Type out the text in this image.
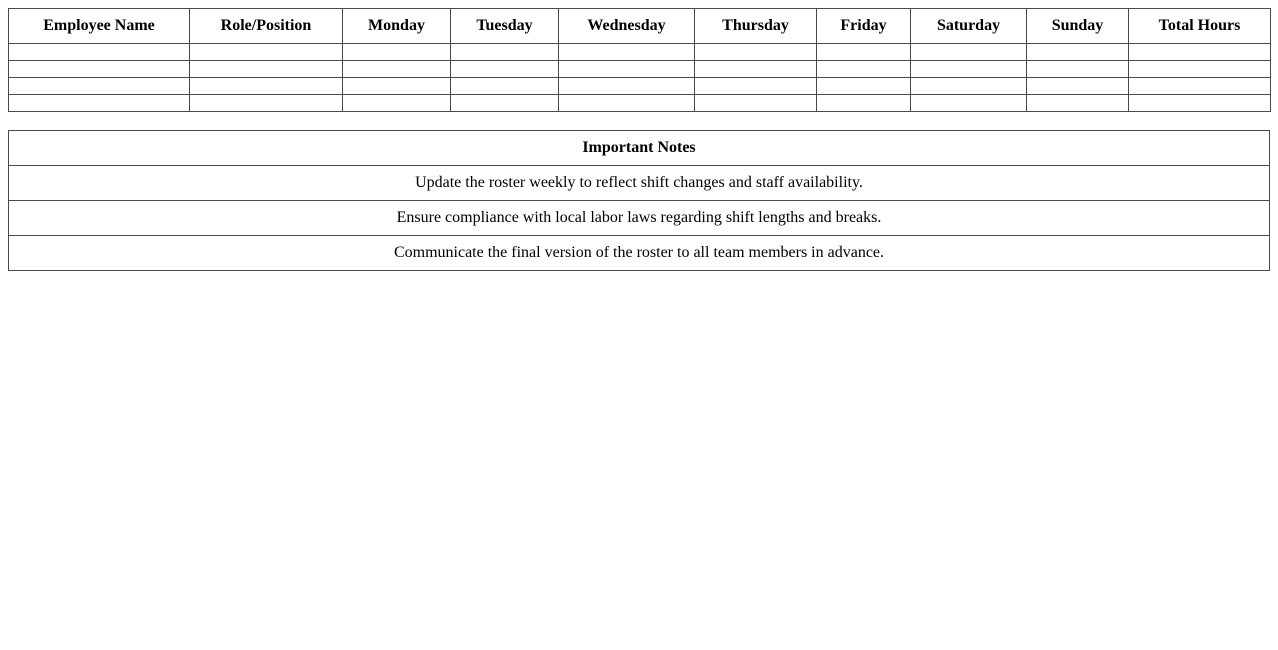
Employee Name	Role/Position	Monday	Tuesday	Wednesday	Thursday	Friday	Saturday	Sunday	Total Hours

Important Notes
Update the roster weekly to reflect shift changes and staff availability.
Ensure compliance with local labor laws regarding shift lengths and breaks.
Communicate the final version of the roster to all team members in advance.
